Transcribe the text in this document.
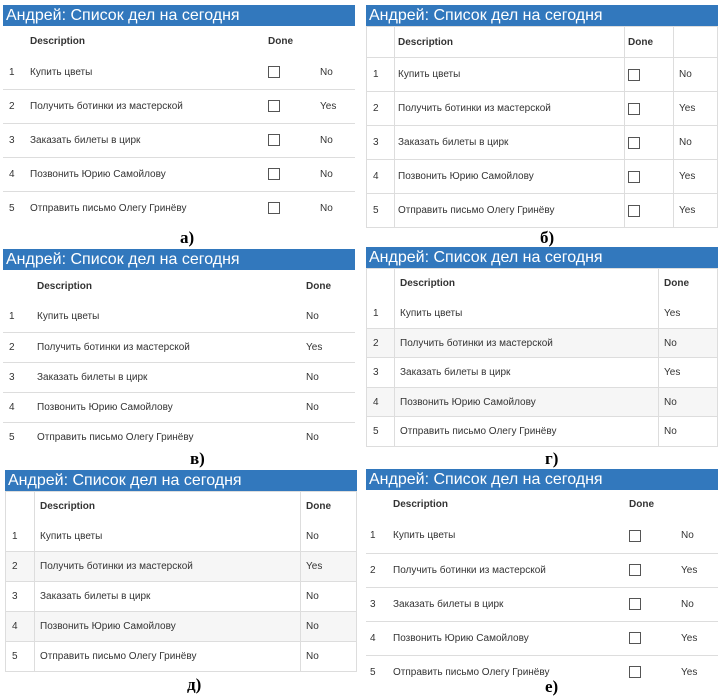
Андрей: Список дел на сегодня
	Description	Done	
1	Купить цветы		No
2	Получить ботинки из мастерской		Yes
3	Заказать билеты в цирк		No
4	Позвонить Юрию Самойлову		No
5	Отправить письмо Олегу Гринёву		No
а)
Андрей: Список дел на сегодня
	Description	Done	
1	Купить цветы		No
2	Получить ботинки из мастерской		Yes
3	Заказать билеты в цирк		No
4	Позвонить Юрию Самойлову		Yes
5	Отправить письмо Олегу Гринёву		Yes
б)
Андрей: Список дел на сегодня
	Description	Done
1	Купить цветы	No
2	Получить ботинки из мастерской	Yes
3	Заказать билеты в цирк	No
4	Позвонить Юрию Самойлову	No
5	Отправить письмо Олегу Гринёву	No
в)
Андрей: Список дел на сегодня
	Description	Done
1	Купить цветы	Yes
2	Получить ботинки из мастерской	No
3	Заказать билеты в цирк	Yes
4	Позвонить Юрию Самойлову	No
5	Отправить письмо Олегу Гринёву	No
г)
Андрей: Список дел на сегодня
	Description	Done
1	Купить цветы	No
2	Получить ботинки из мастерской	Yes
3	Заказать билеты в цирк	No
4	Позвонить Юрию Самойлову	No
5	Отправить письмо Олегу Гринёву	No
д)
Андрей: Список дел на сегодня
	Description	Done	
1	Купить цветы		No
2	Получить ботинки из мастерской		Yes
3	Заказать билеты в цирк		No
4	Позвонить Юрию Самойлову		Yes
5	Отправить письмо Олегу Гринёву		Yes
е)
